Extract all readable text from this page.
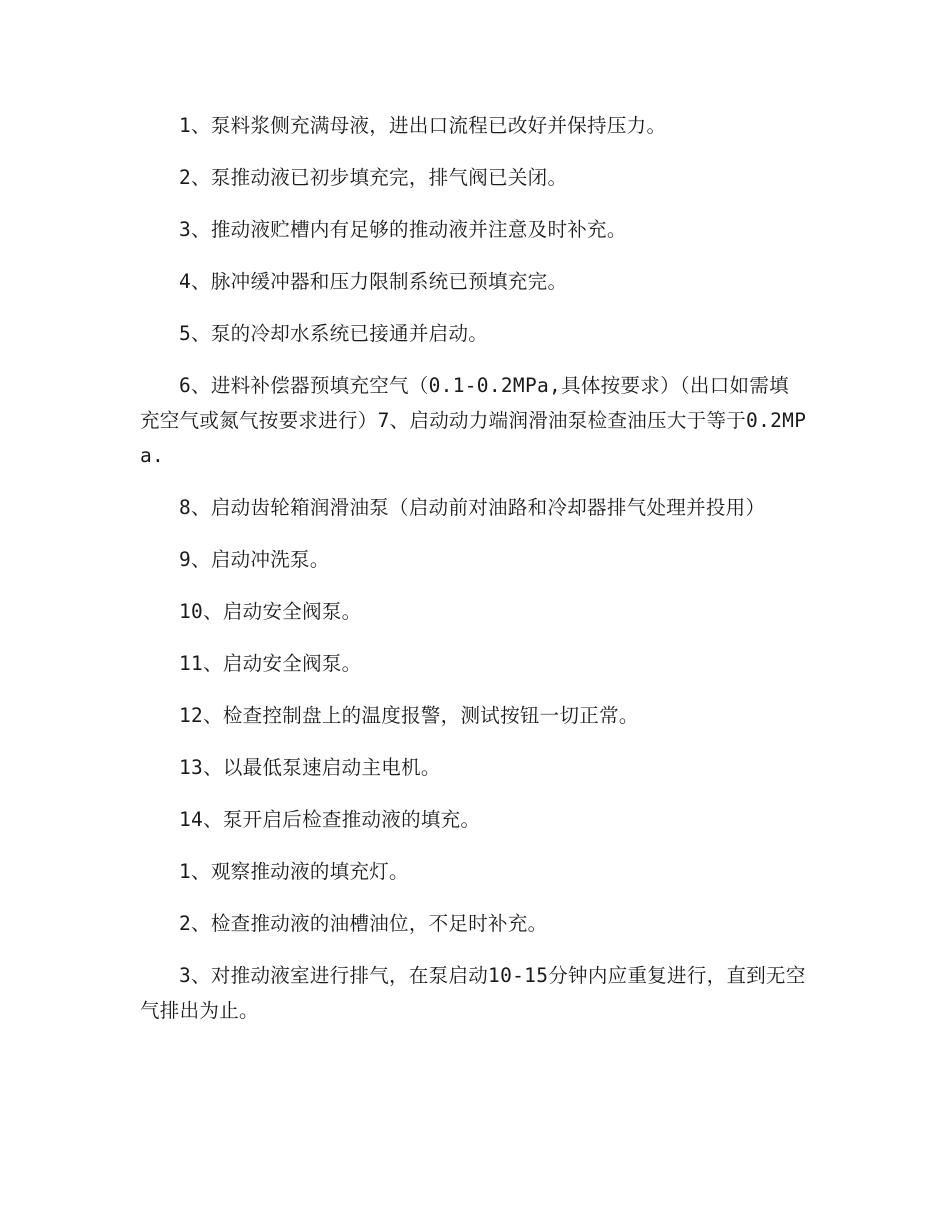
1、泵料浆侧充满母液，进出口流程已改好并保持压力。

2、泵推动液已初步填充完，排气阀已关闭。

3、推动液贮槽内有足够的推动液并注意及时补充。

4、脉冲缓冲器和压力限制系统已预填充完。

5、泵的冷却水系统已接通并启动。

6、进料补偿器预填充空气（0.1-0.2MPa,具体按要求）（出口如需填充空气或氮气按要求进行）7、启动动力端润滑油泵检查油压大于等于0.2MPa.

8、启动齿轮箱润滑油泵（启动前对油路和冷却器排气处理并投用）

9、启动冲洗泵。

10、启动安全阀泵。

11、启动安全阀泵。

12、检查控制盘上的温度报警，测试按钮一切正常。

13、以最低泵速启动主电机。

14、泵开启后检查推动液的填充。

1、观察推动液的填充灯。

2、检查推动液的油槽油位，不足时补充。

3、对推动液室进行排气，在泵启动10-15分钟内应重复进行，直到无空气排出为止。
